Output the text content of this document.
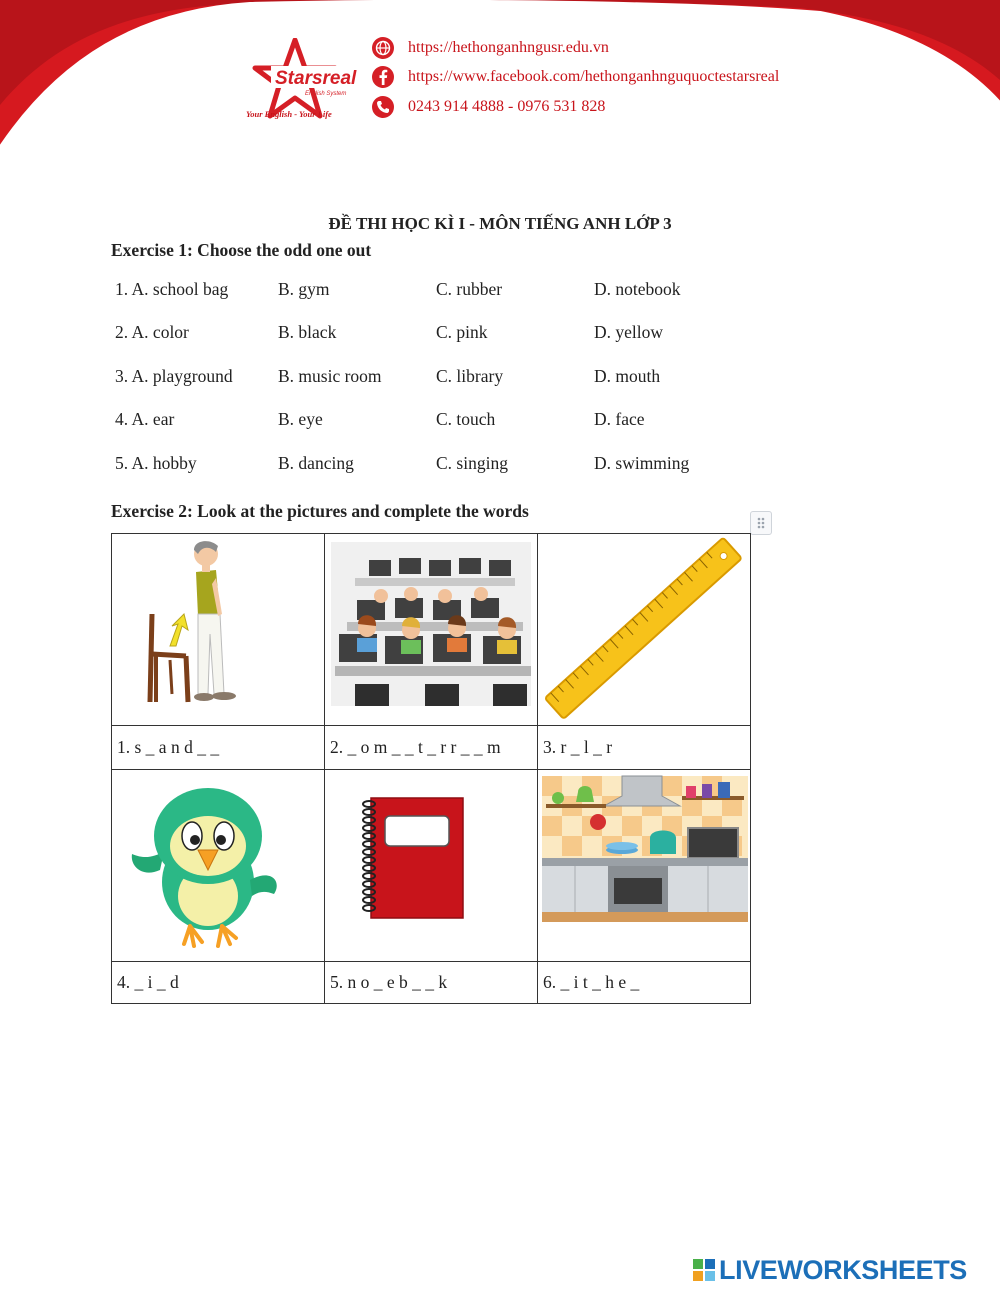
Starsreal
English System
Your English - Your Life
https://hethonganhngusr.edu.vn
https://www.facebook.com/hethonganhnguquoctestarsreal
0243 914 4888 - 0976 531 828
ĐỀ THI HỌC KÌ I - MÔN TIẾNG ANH LỚP 3
Exercise 1: Choose the odd one out
1. A. school bag	B. gym	C. rubber	D. notebook
2. A. color	B. black	C. pink	D. yellow
3. A. playground	B. music room	C. library	D. mouth
4. A. ear	B. eye	C. touch	D. face
5. A. hobby	B. dancing	C. singing	D. swimming
Exercise 2: Look at the pictures and complete the words
1. s _ a n d _ _	2. _ o m _ _ t _ r r _ _ m	3. r _ l _ r
4. _ i _ d	5. n o _ e b _ _ k	6. _ i t _ h e _
LIVEWORKSHEETS
